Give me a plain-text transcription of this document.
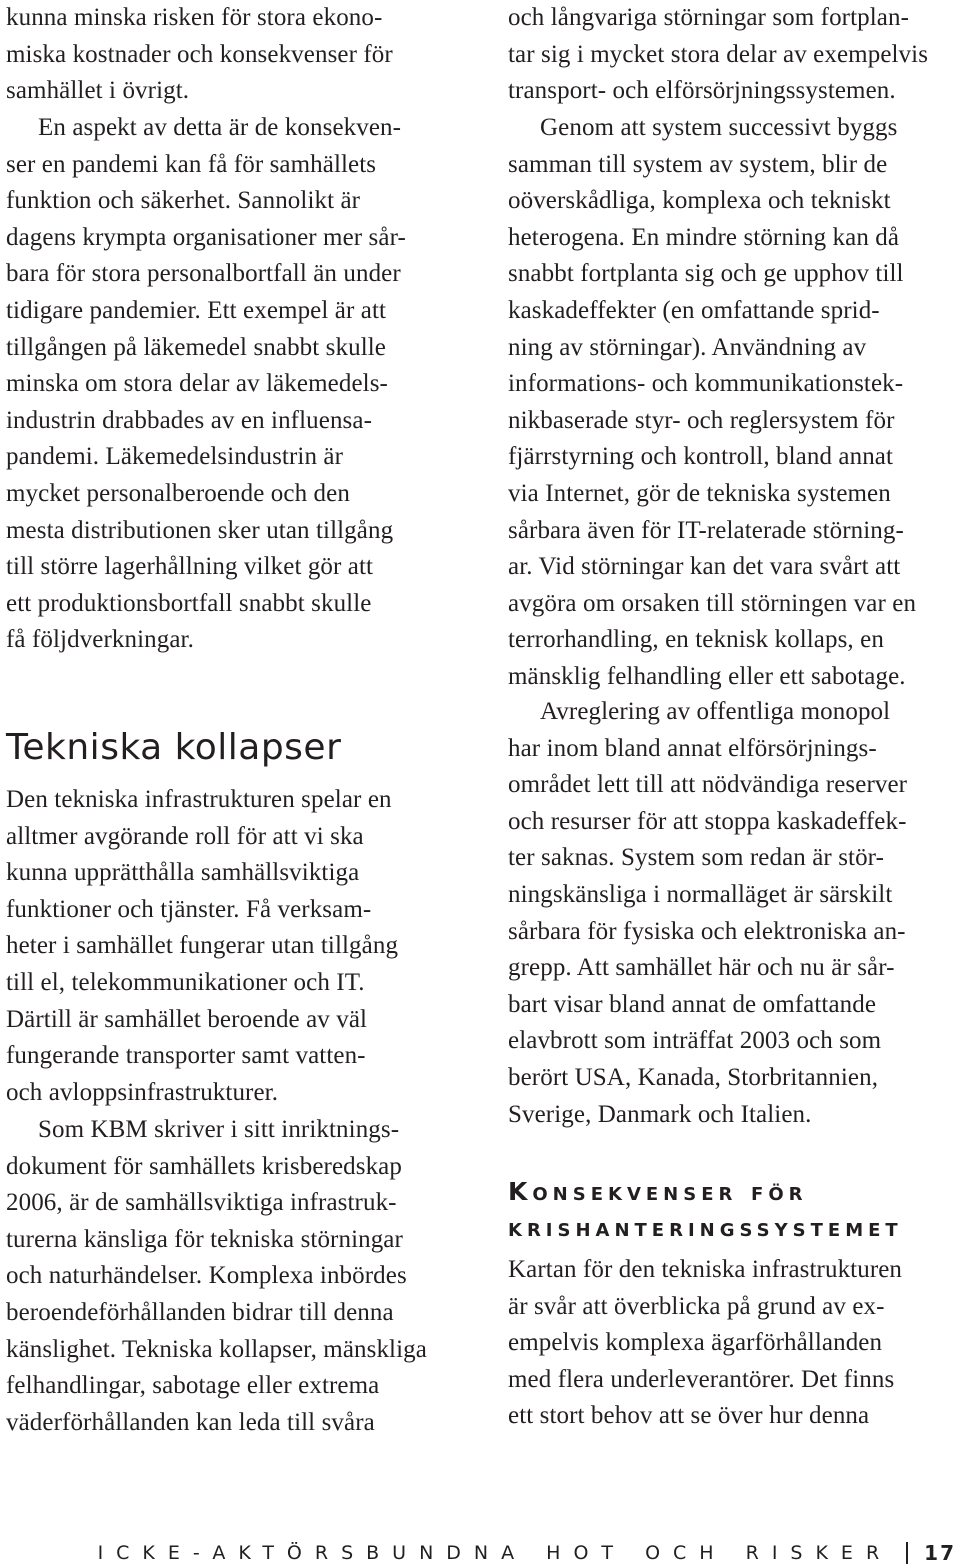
kunna minska risken för stora ekono-
miska kostnader och konsekvenser för
samhället i övrigt.
En aspekt av detta är de konsekven-
ser en pandemi kan få för samhällets
funktion och säkerhet. Sannolikt är
dagens krympta organisationer mer sår-
bara för stora personalbortfall än under
tidigare pandemier. Ett exempel är att
tillgången på läkemedel snabbt skulle
minska om stora delar av läkemedels-
industrin drabbades av en influensa-
pandemi. Läkemedelsindustrin är
mycket personalberoende och den
mesta distributionen sker utan tillgång
till större lagerhållning vilket gör att
ett produktionsbortfall snabbt skulle
få följdverkningar.
Tekniska kollapser
Den tekniska infrastrukturen spelar en
alltmer avgörande roll för att vi ska
kunna upprätthålla samhällsviktiga
funktioner och tjänster. Få verksam-
heter i samhället fungerar utan tillgång
till el, telekommunikationer och IT.
Därtill är samhället beroende av väl
fungerande transporter samt vatten-
och avloppsinfrastrukturer.
Som KBM skriver i sitt inriktnings-
dokument för samhällets krisberedskap
2006, är de samhällsviktiga infrastruk-
turerna känsliga för tekniska störningar
och naturhändelser. Komplexa inbördes
beroendeförhållanden bidrar till denna
känslighet. Tekniska kollapser, mänskliga
felhandlingar, sabotage eller extrema
väderförhållanden kan leda till svåra
och långvariga störningar som fortplan-
tar sig i mycket stora delar av exempelvis
transport- och elförsörjningssystemen.
Genom att system successivt byggs
samman till system av system, blir de
oöverskådliga, komplexa och tekniskt
heterogena. En mindre störning kan då
snabbt fortplanta sig och ge upphov till
kaskadeffekter (en omfattande sprid-
ning av störningar). Användning av
informations- och kommunikationstek-
nikbaserade styr- och reglersystem för
fjärrstyrning och kontroll, bland annat
via Internet, gör de tekniska systemen
sårbara även för IT-relaterade störning-
ar. Vid störningar kan det vara svårt att
avgöra om orsaken till störningen var en
terrorhandling, en teknisk kollaps, en
mänsklig felhandling eller ett sabotage.
Avreglering av offentliga monopol
har inom bland annat elförsörjnings-
området lett till att nödvändiga reserver
och resurser för att stoppa kaskadeffek-
ter saknas. System som redan är stör-
ningskänsliga i normalläget är särskilt
sårbara för fysiska och elektroniska an-
grepp. Att samhället här och nu är sår-
bart visar bland annat de omfattande
elavbrott som inträffat 2003 och som
berört USA, Kanada, Storbritannien,
Sverige, Danmark och Italien.
Konsekvenser för
krishanteringssystemet
Kartan för den tekniska infrastrukturen
är svår att överblicka på grund av ex-
empelvis komplexa ägarförhållanden
med flera underleverantörer. Det finns
ett stort behov att se över hur denna
ICKE-AKTÖRSBUNDNA HOT OCH RISKER 17
